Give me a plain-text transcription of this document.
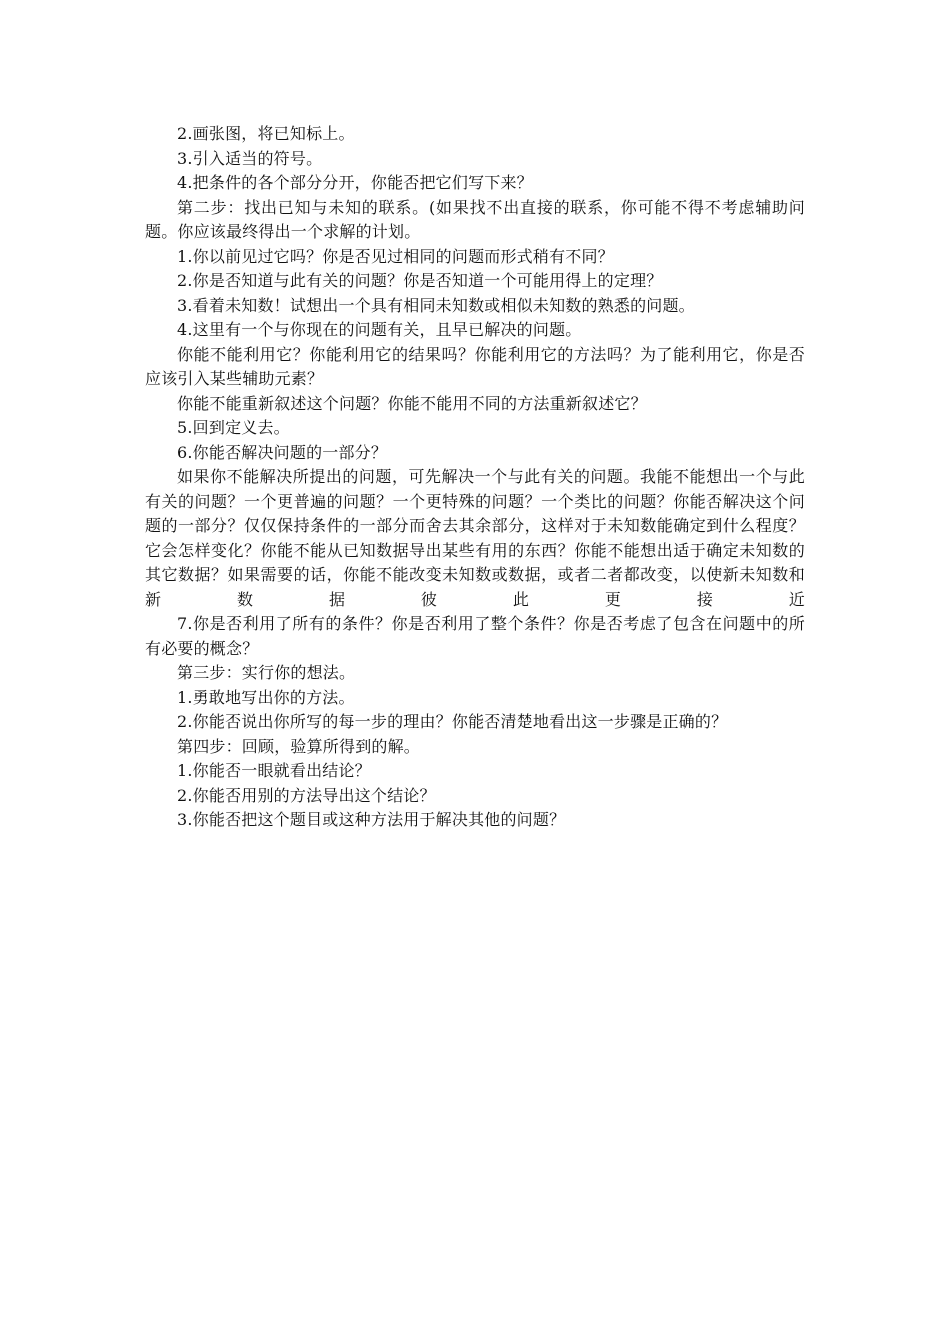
2.画张图，将已知标上。

3.引入适当的符号。

4.把条件的各个部分分开，你能否把它们写下来？

第二步：找出已知与未知的联系。(如果找不出直接的联系，你可能不得不考虑辅助问题。你应该最终得出一个求解的计划。

1.你以前见过它吗？你是否见过相同的问题而形式稍有不同？

2.你是否知道与此有关的问题？你是否知道一个可能用得上的定理？

3.看着未知数！试想出一个具有相同未知数或相似未知数的熟悉的问题。

4.这里有一个与你现在的问题有关，且早已解决的问题。

你能不能利用它？你能利用它的结果吗？你能利用它的方法吗？为了能利用它，你是否应该引入某些辅助元素？

你能不能重新叙述这个问题？你能不能用不同的方法重新叙述它？

5.回到定义去。

6.你能否解决问题的一部分？

如果你不能解决所提出的问题，可先解决一个与此有关的问题。我能不能想出一个与此有关的问题？一个更普遍的问题？一个更特殊的问题？一个类比的问题？你能否解决这个问题的一部分？仅仅保持条件的一部分而舍去其余部分，这样对于未知数能确定到什么程度？它会怎样变化？你能不能从已知数据导出某些有用的东西？你能不能想出适于确定未知数的其它数据？如果需要的话，你能不能改变未知数或数据，或者二者都改变，以使新未知数和新数据彼此更接近

7.你是否利用了所有的条件？你是否利用了整个条件？你是否考虑了包含在问题中的所有必要的概念？

第三步：实行你的想法。

1.勇敢地写出你的方法。

2.你能否说出你所写的每一步的理由？你能否清楚地看出这一步骤是正确的？

第四步：回顾，验算所得到的解。

1.你能否一眼就看出结论？

2.你能否用别的方法导出这个结论？

3.你能否把这个题目或这种方法用于解决其他的问题？
